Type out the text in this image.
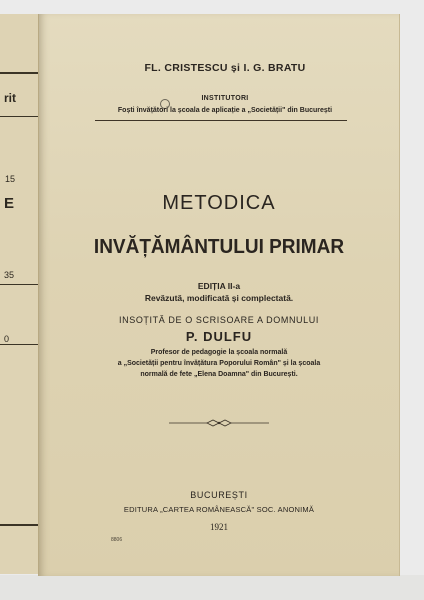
rit
15
E
35
0
FL. CRISTESCU și I. G. BRATU
INSTITUTORI
Foști învățători la școala de aplicație a „Societății" din București
METODICA
INVĂȚĂMÂNTULUI PRIMAR
EDIȚIA II-a
Revăzută, modificată și complectată.
INSOȚITĂ DE O SCRISOARE A DOMNULUI
P. DULFU
Profesor de pedagogie la școala normală
a „Societății pentru învățătura Poporului Român" și la școala
normală de fete „Elena Doamna" din București.
BUCUREȘTI
EDITURA „CARTEA ROMÂNEASCĂ" SOC. ANONIMĂ
1921
8806
